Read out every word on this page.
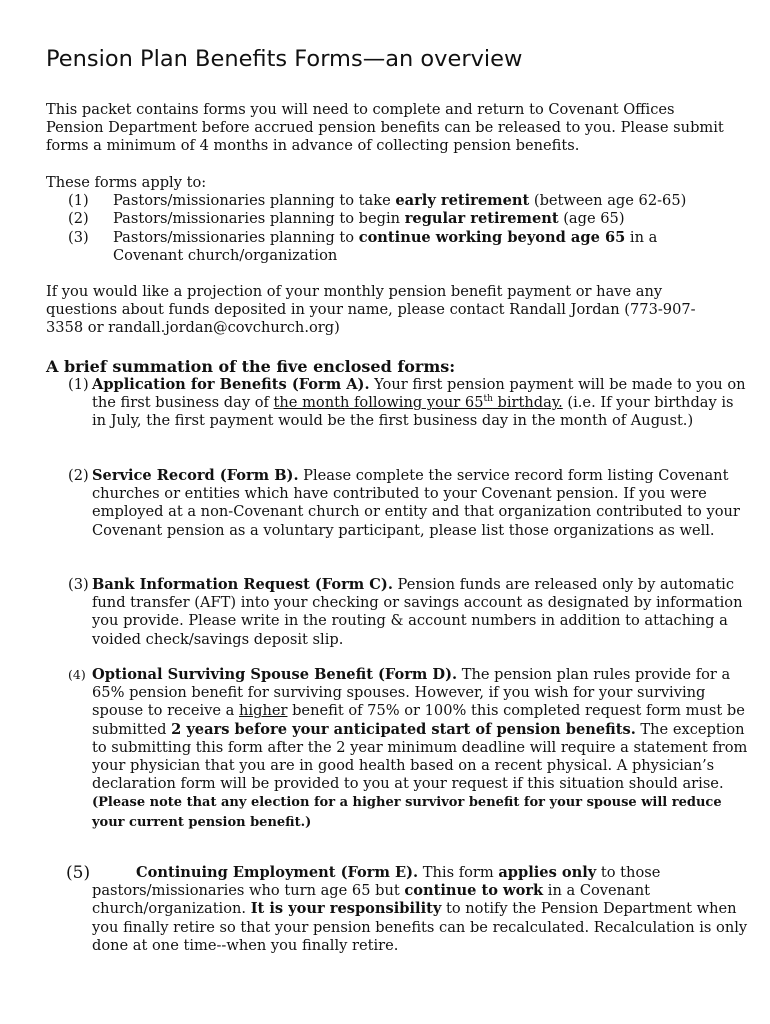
Pension Plan Benefits Forms—an overview

This packet contains forms you will need to complete and return to Covenant Offices Pension Department before accrued pension benefits can be released to you. Please submit forms a minimum of 4 months in advance of collecting pension benefits.

These forms apply to:

(1) Pastors/missionaries planning to take early retirement (between age 62-65)
(2) Pastors/missionaries planning to begin regular retirement (age 65)
(3) Pastors/missionaries planning to continue working beyond age 65 in a Covenant church/organization

If you would like a projection of your monthly pension benefit payment or have any questions about funds deposited in your name, please contact Randall Jordan (773-907-3358 or randall.jordan@covchurch.org)

A brief summation of the five enclosed forms:
(1) Application for Benefits (Form A). Your first pension payment will be made to you on the first business day of the month following your 65th birthday. (i.e. If your birthday is in July, the first payment would be the first business day in the month of August.)
(2) Service Record (Form B). Please complete the service record form listing Covenant churches or entities which have contributed to your Covenant pension. If you were employed at a non-Covenant church or entity and that organization contributed to your Covenant pension as a voluntary participant, please list those organizations as well.
(3) Bank Information Request (Form C). Pension funds are released only by automatic fund transfer (AFT) into your checking or savings account as designated by information you provide. Please write in the routing & account numbers in addition to attaching a voided check/savings deposit slip.
(4) Optional Surviving Spouse Benefit (Form D). The pension plan rules provide for a 65% pension benefit for surviving spouses. However, if you wish for your surviving spouse to receive a higher benefit of 75% or 100% this completed request form must be submitted 2 years before your anticipated start of pension benefits. The exception to submitting this form after the 2 year minimum deadline will require a statement from your physician that you are in good health based on a recent physical. A physician’s declaration form will be provided to you at your request if this situation should arise. (Please note that any election for a higher survivor benefit for your spouse will reduce your current pension benefit.)
(5)	Continuing Employment (Form E). This form applies only to those pastors/missionaries who turn age 65 but continue to work in a Covenant church/organization. It is your responsibility to notify the Pension Department when you finally retire so that your pension benefits can be recalculated. Recalculation is only done at one time--when you finally retire.
